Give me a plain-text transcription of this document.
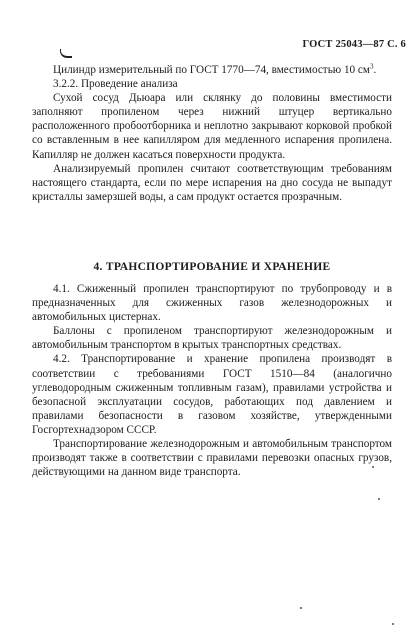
ГОСТ 25043—87 С. 6

Цилиндр измерительный по ГОСТ 1770—74, вместимостью 10 $см^3$.

3.2.2. Проведение анализа

Сухой сосуд Дьюара или склянку до половины вместимости заполняют пропиленом через нижний штуцер вертикально расположенного пробоотборника и неплотно закрывают корковой пробкой со вставленным в нее капилляром для медленного испарения пропилена. Капилляр не должен касаться поверхности продукта.

Анализируемый пропилен считают соответствующим требованиям настоящего стандарта, если по мере испарения на дно сосуда не выпадут кристаллы замерзшей воды, а сам продукт остается прозрачным.

4. ТРАНСПОРТИРОВАНИЕ И ХРАНЕНИЕ

4.1. Сжиженный пропилен транспортируют по трубопроводу и в предназначенных для сжиженных газов железнодорожных и автомобильных цистернах.

Баллоны с пропиленом транспортируют железнодорожным и автомобильным транспортом в крытых транспортных средствах.

4.2. Транспортирование и хранение пропилена производят в соответствии с требованиями ГОСТ 1510—84 (аналогично углеводородным сжиженным топливным газам), правилами устройства и безопасной эксплуатации сосудов, работающих под давлением и правилами безопасности в газовом хозяйстве, утвержденными Госгортехнадзором СССР.

Транспортирование железнодорожным и автомобильным транспортом производят также в соответствии с правилами перевозки опасных грузов, действующими на данном виде транспорта.
